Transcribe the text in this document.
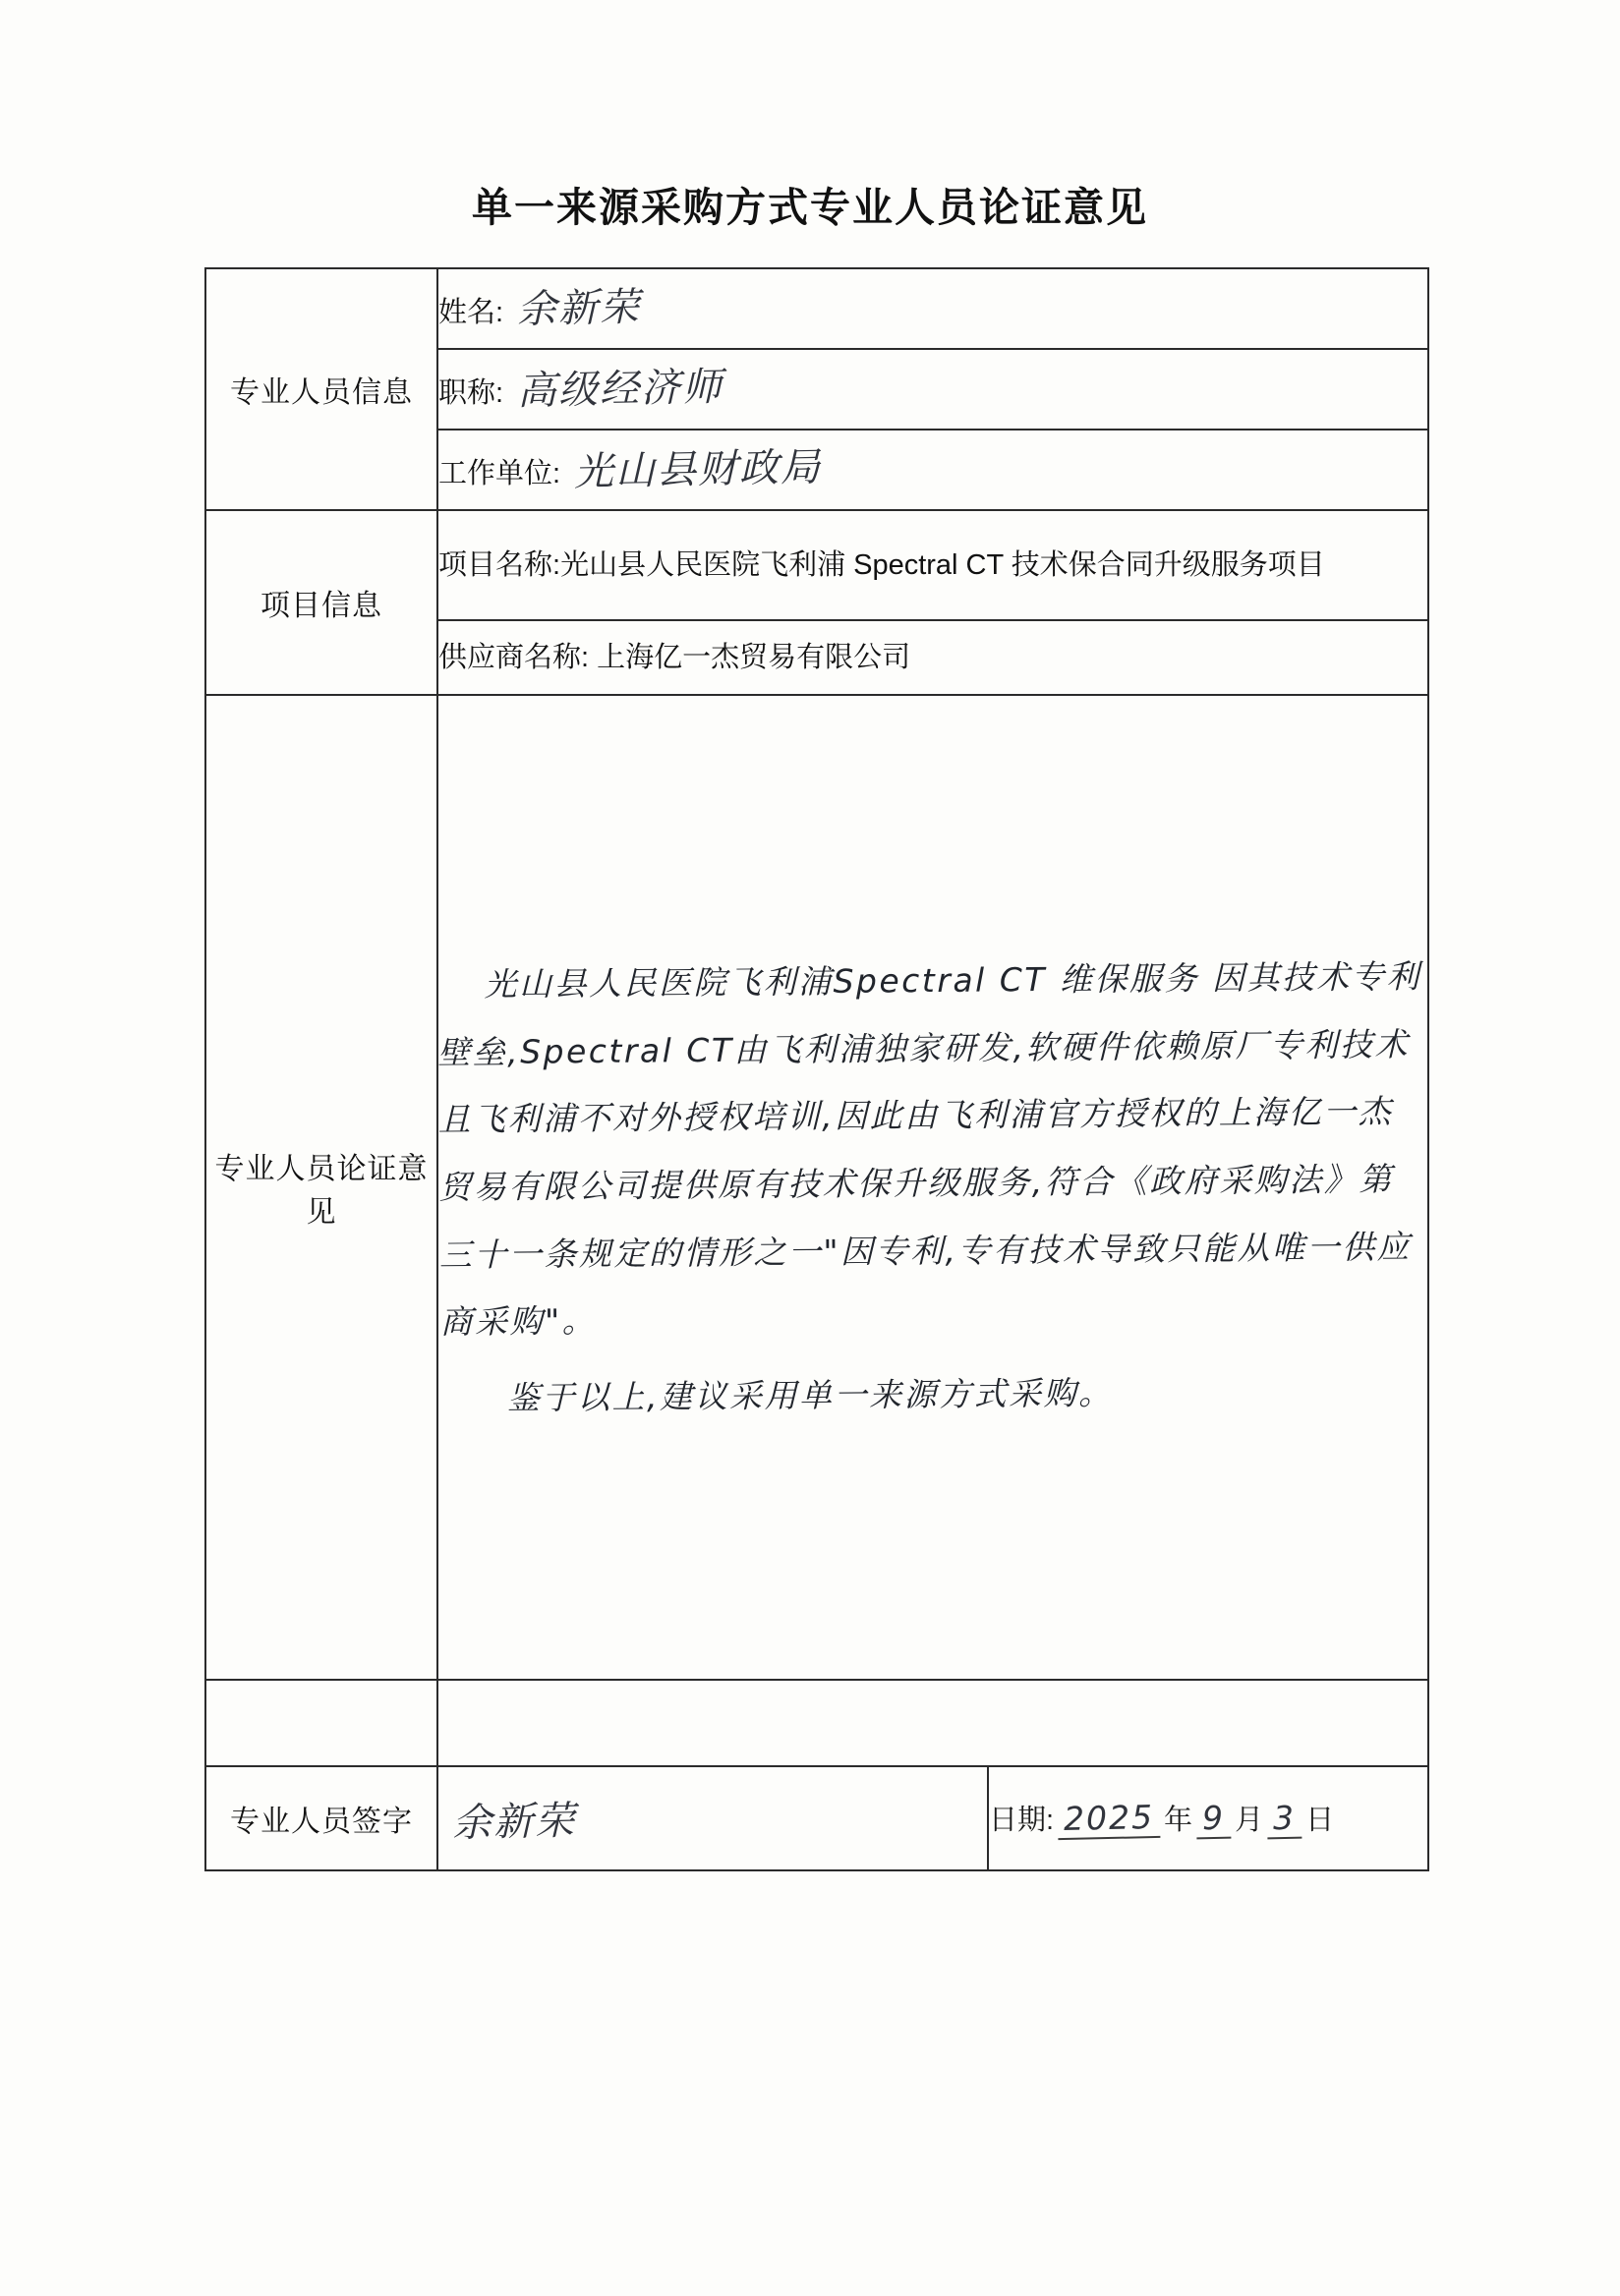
单一来源采购方式专业人员论证意见
专业人员信息	姓名: 余新荣	
	职称: 高级经济师	
	工作单位: 光山县财政局	
项目信息	项目名称:光山县人民医院飞利浦 Spectral CT 技术保合同升级服务项目	
	供应商名称: 上海亿一杰贸易有限公司	
专业人员论证意见	光山县人民医院飞利浦Spectral CT 维保服务 因其技术专利壁垒,Spectral CT由飞利浦独家研发,软硬件依赖原厂专利技术且飞利浦不对外授权培训,因此由飞利浦官方授权的上海亿一杰贸易有限公司提供原有技术保升级服务,符合《政府采购法》第三十一条规定的情形之一"因专利,专有技术导致只能从唯一供应商采购"。
鉴于以上,建议采用单一来源方式采购。	

专业人员签字	余新荣	日期: 2025 年 9 月 3 日
